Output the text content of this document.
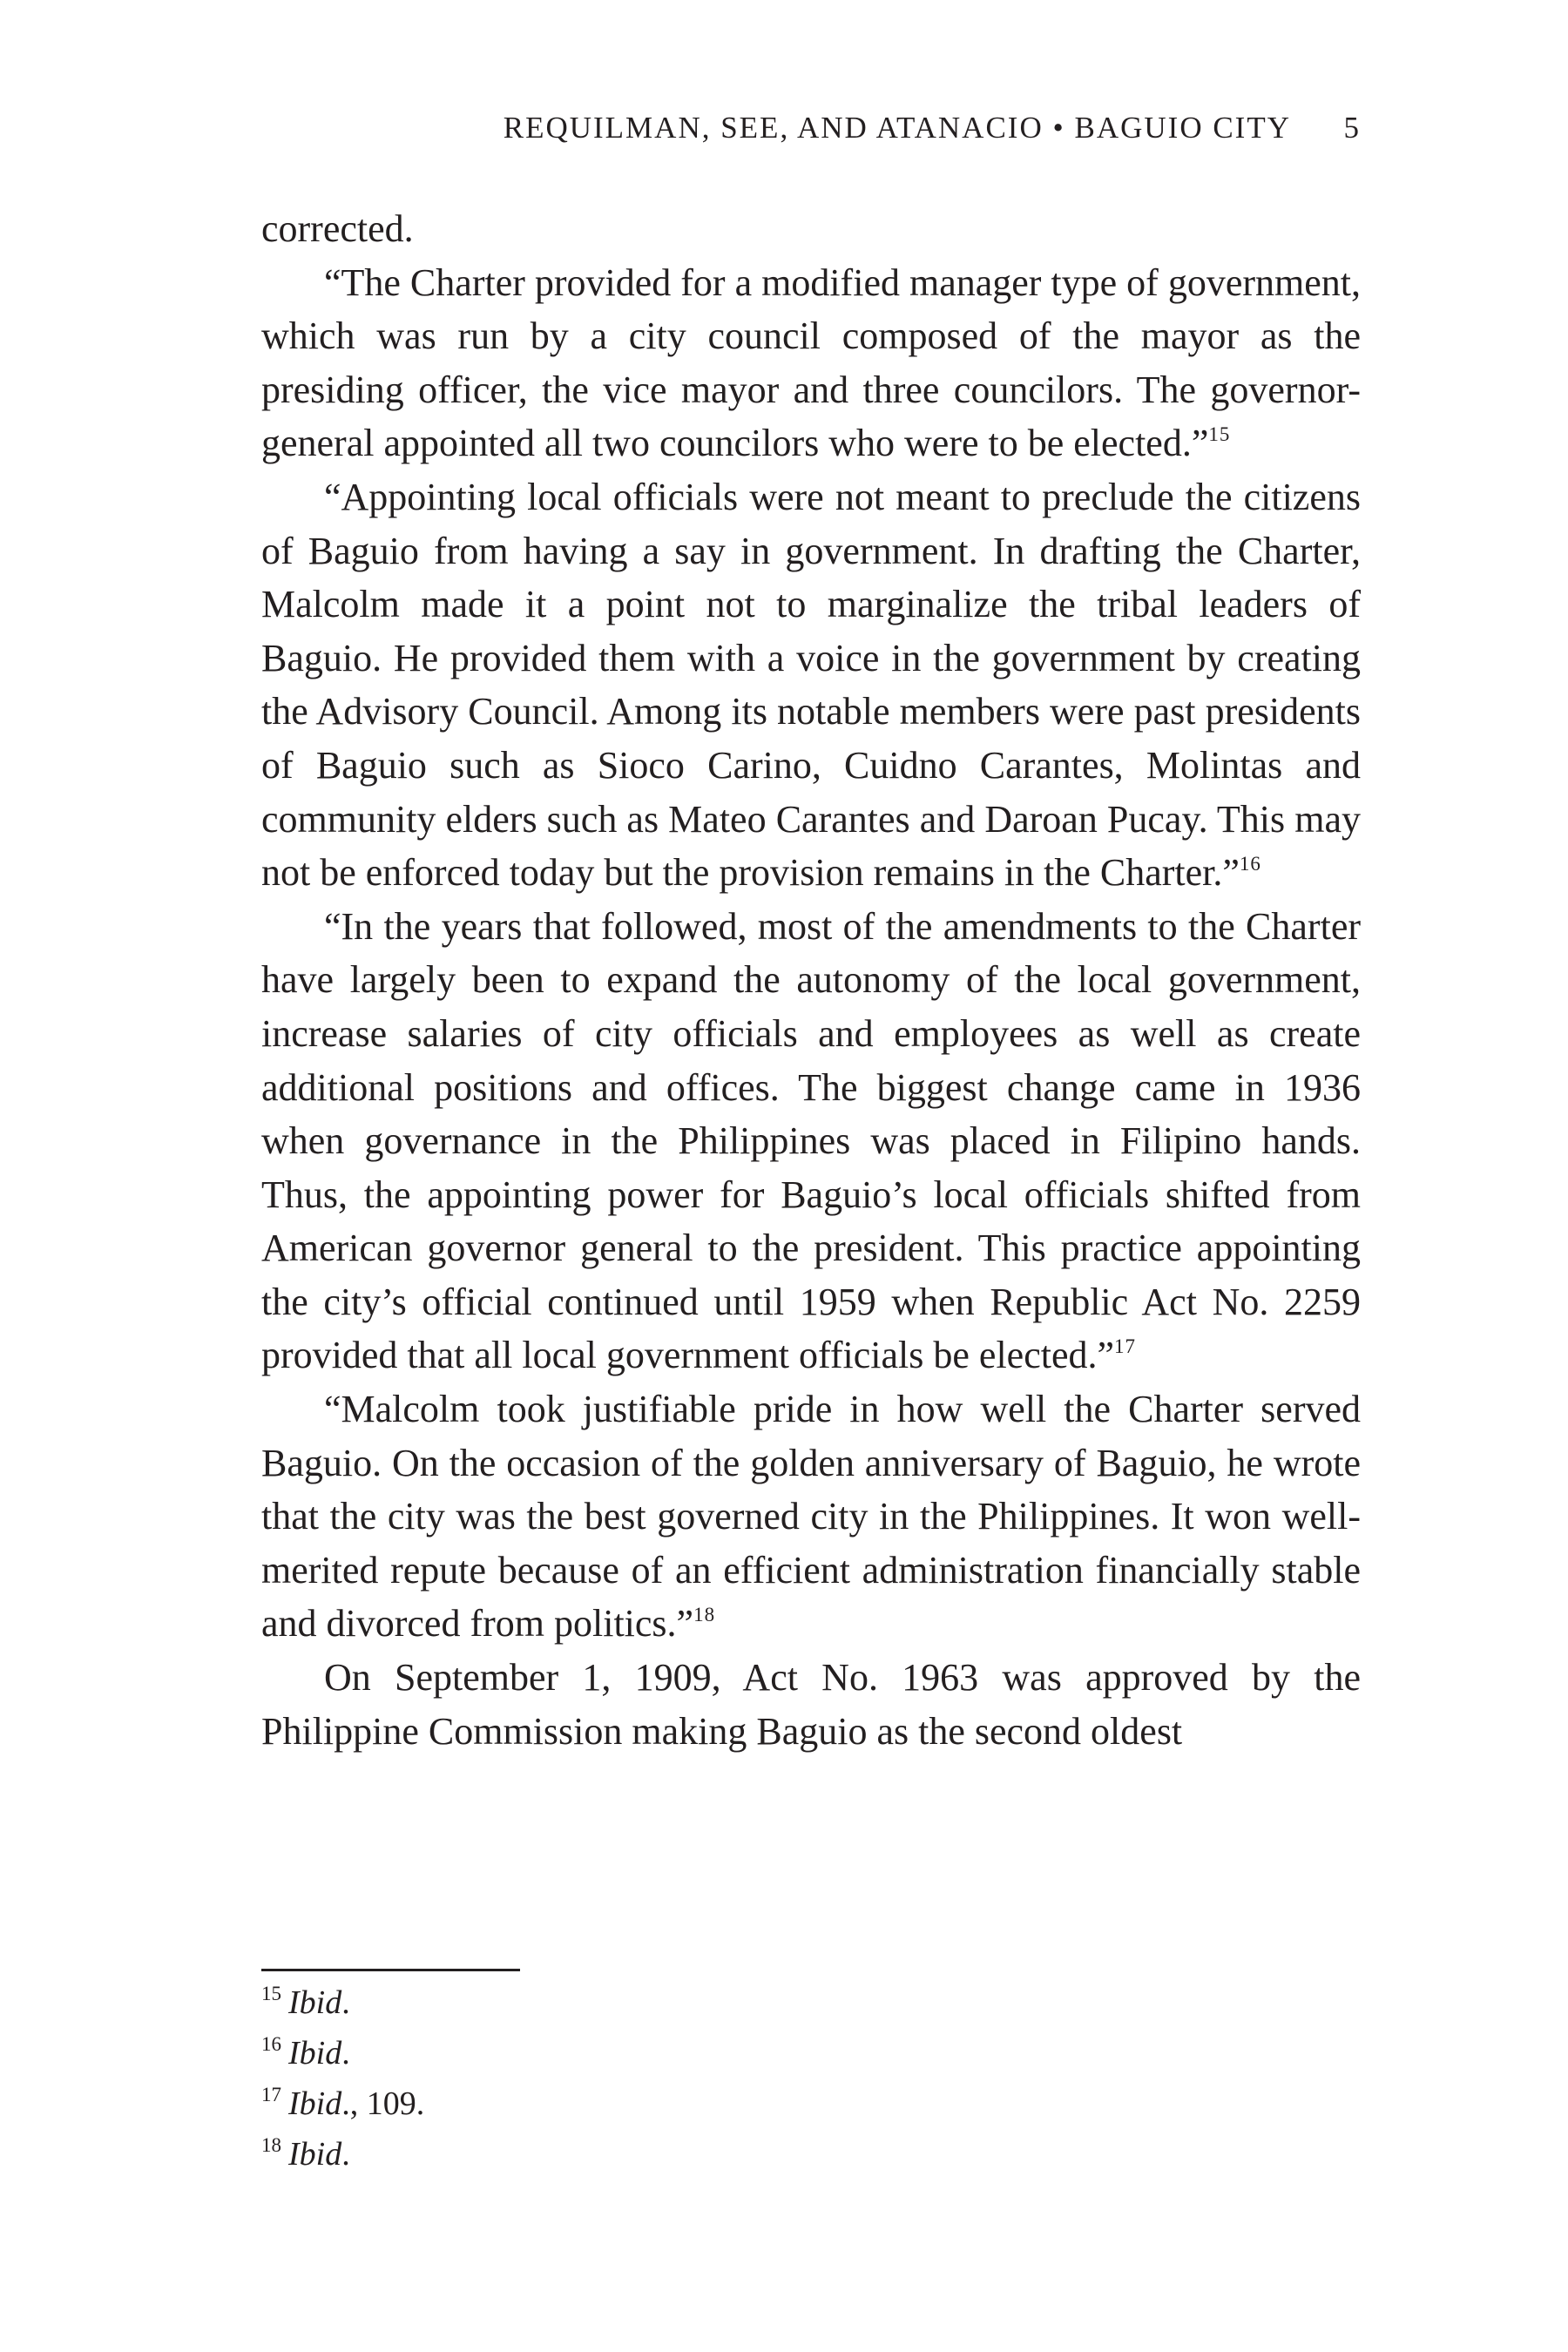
REQUILMAN, SEE, AND ATANACIO • BAGUIO CITY 5

corrected.

“The Charter provided for a modified manager type of government, which was run by a city council composed of the mayor as the presiding officer, the vice mayor and three councilors. The governor-general appointed all two councilors who were to be elected.”$^{15}$

“Appointing local officials were not meant to preclude the citizens of Baguio from having a say in government. In drafting the Charter, Malcolm made it a point not to marginalize the tribal leaders of Baguio. He provided them with a voice in the government by creating the Advisory Council. Among its notable members were past presidents of Baguio such as Sioco Carino, Cuidno Carantes, Molintas and community elders such as Mateo Carantes and Daroan Pucay. This may not be enforced today but the provision remains in the Charter.”$^{16}$

“In the years that followed, most of the amendments to the Charter have largely been to expand the autonomy of the local government, increase salaries of city officials and employees as well as create additional positions and offices. The biggest change came in 1936 when governance in the Philippines was placed in Filipino hands. Thus, the appointing power for Baguio’s local officials shifted from American governor general to the president. This practice appointing the city’s official continued until 1959 when Republic Act No. 2259 provided that all local government officials be elected.”$^{17}$

“Malcolm took justifiable pride in how well the Charter served Baguio. On the occasion of the golden anniversary of Baguio, he wrote that the city was the best governed city in the Philippines. It won well-merited repute because of an efficient administration financially stable and divorced from politics.”$^{18}$

On September 1, 1909, Act No. 1963 was approved by the Philippine Commission making Baguio as the second oldest

$^{15}$ Ibid.
$^{16}$ Ibid.
$^{17}$ Ibid., 109.
$^{18}$ Ibid.
